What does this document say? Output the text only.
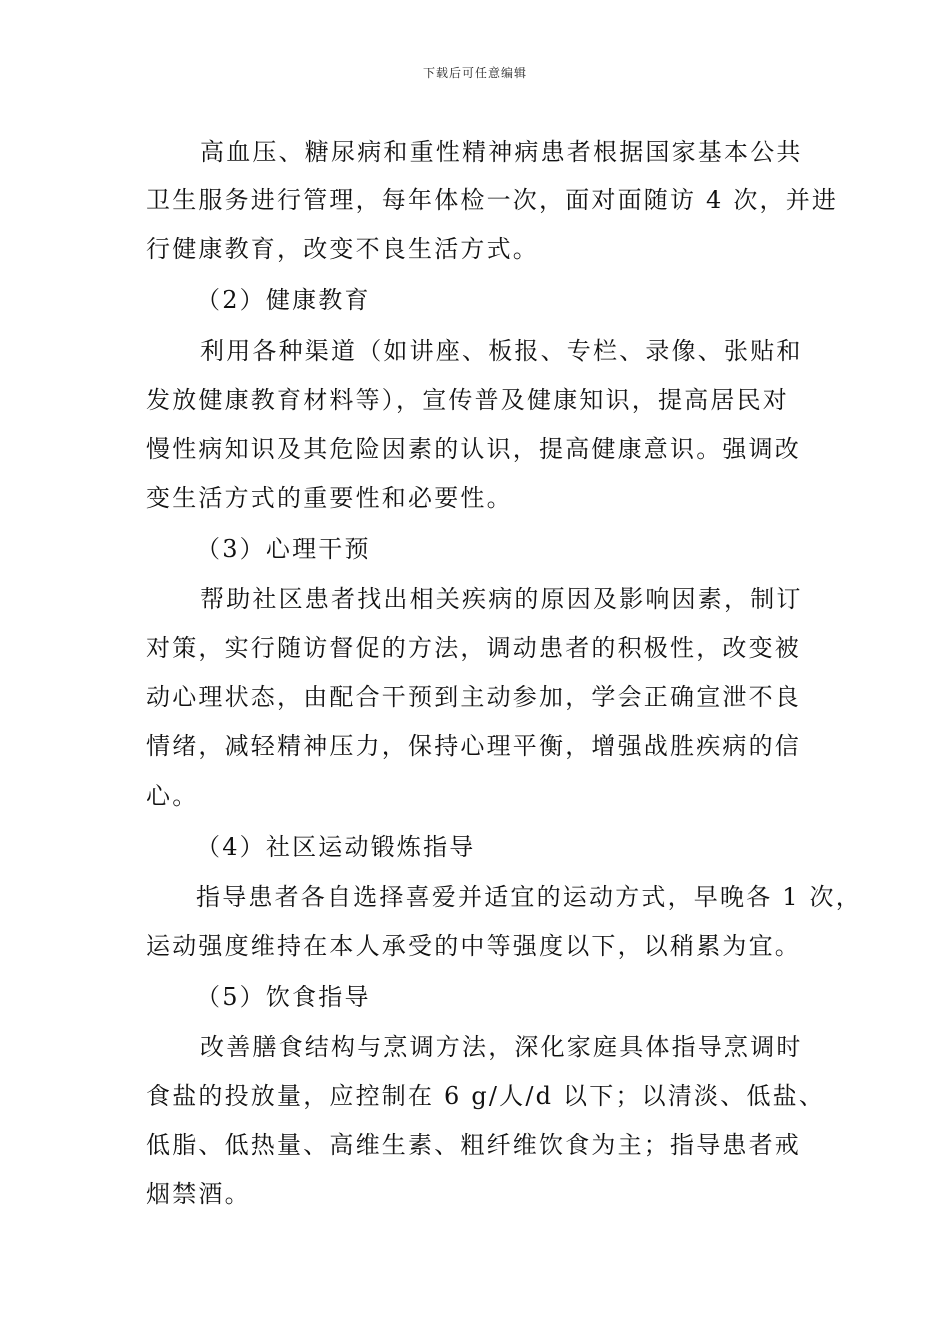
下载后可任意编辑
高血压、糖尿病和重性精神病患者根据国家基本公共
卫生服务进行管理，每年体检一次，面对面随访 4 次，并进
行健康教育，改变不良生活方式。
（2）健康教育
利用各种渠道（如讲座、板报、专栏、录像、张贴和
发放健康教育材料等），宣传普及健康知识，提高居民对
慢性病知识及其危险因素的认识，提高健康意识。强调改
变生活方式的重要性和必要性。
（3）心理干预
帮助社区患者找出相关疾病的原因及影响因素，制订
对策，实行随访督促的方法，调动患者的积极性，改变被
动心理状态，由配合干预到主动参加，学会正确宣泄不良
情绪，减轻精神压力，保持心理平衡，增强战胜疾病的信
心。
（4）社区运动锻炼指导
指导患者各自选择喜爱并适宜的运动方式，早晚各 1 次，
运动强度维持在本人承受的中等强度以下，以稍累为宜。
（5）饮食指导
改善膳食结构与烹调方法，深化家庭具体指导烹调时
食盐的投放量，应控制在 6 g/人/d 以下；以清淡、低盐、
低脂、低热量、高维生素、粗纤维饮食为主；指导患者戒
烟禁酒。
